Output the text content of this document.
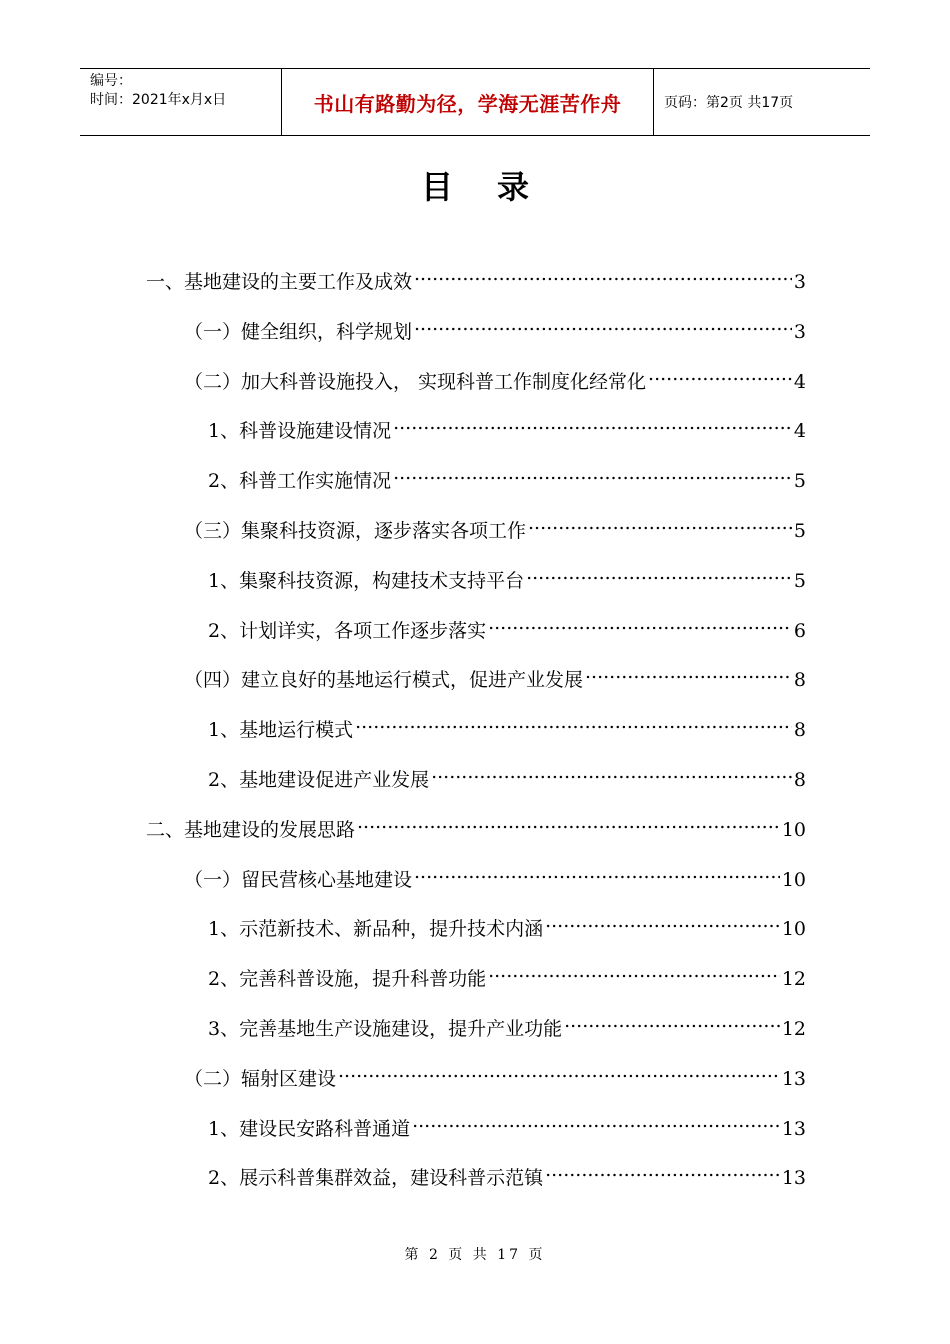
编号：
时间：2021年x月x日	书山有路勤为径，学海无涯苦作舟	页码：第2页 共17页
目录
一、基地建设的主要工作及成效 .....	3
（一）健全组织，科学规划 .....	3
（二）加大科普设施投入， 实现科普工作制度化经常化 .....	4
1、科普设施建设情况 .....	4
2、科普工作实施情况 .....	5
（三）集聚科技资源，逐步落实各项工作 .....	5
1、集聚科技资源，构建技术支持平台 .....	5
2、计划详实，各项工作逐步落实 .....	6
（四）建立良好的基地运行模式，促进产业发展 .....	8
1、基地运行模式 .....	8
2、基地建设促进产业发展 .....	8
二、基地建设的发展思路 .....	10
（一）留民营核心基地建设 .....	10
1、示范新技术、新品种，提升技术内涵 .....	10
2、完善科普设施，提升科普功能 .....	12
3、完善基地生产设施建设，提升产业功能 .....	12
（二）辐射区建设 .....	13
1、建设民安路科普通道 .....	13
2、展示科普集群效益，建设科普示范镇 .....	13
第 2 页 共 17 页
